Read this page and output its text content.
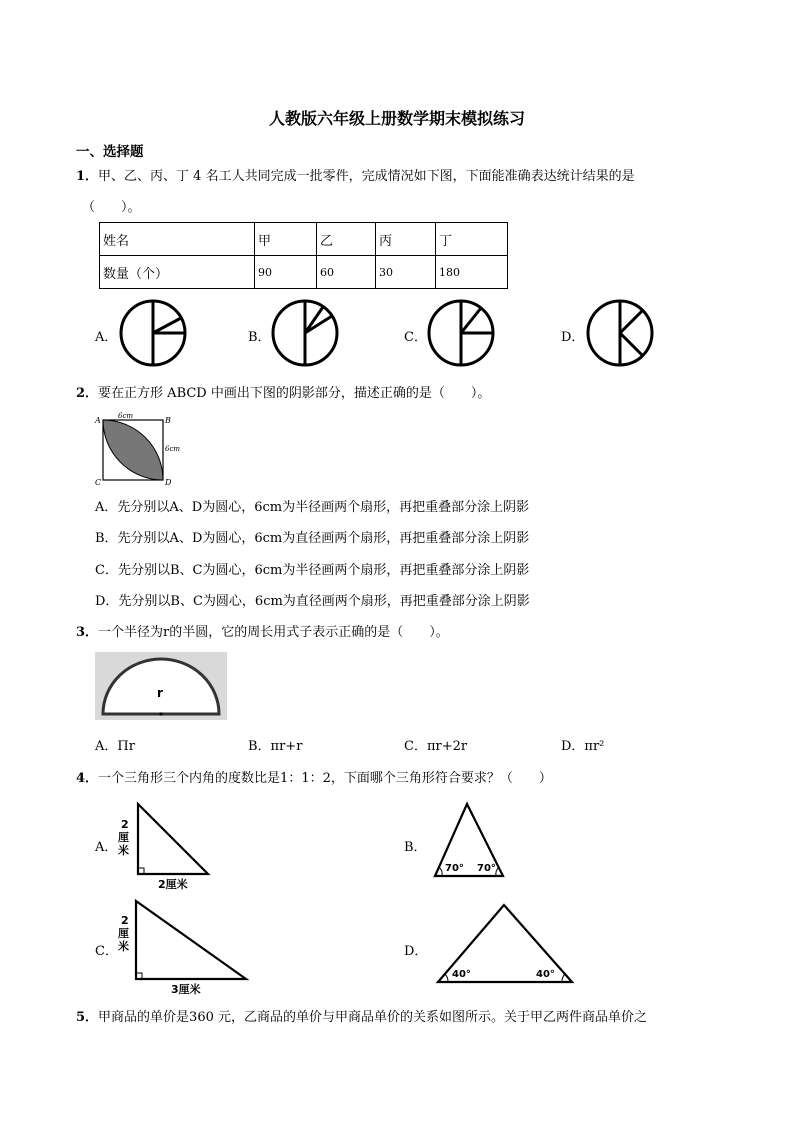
人教版六年级上册数学期末模拟练习
一、选择题
1．甲、乙、丙、丁 4 名工人共同完成一批零件，完成情况如下图，下面能准确表达统计结果的是
（　　）。
姓名	甲	乙	丙	丁
数量（个）	90	60	30	180
A．	B．	C．	D．
2．要在正方形 ABCD 中画出下图的阴影部分，描述正确的是（　　）。
A	B
C	D
6cm
6cm
A．先分别以A、D为圆心，6cm为半径画两个扇形，再把重叠部分涂上阴影
B．先分别以A、D为圆心，6cm为直径画两个扇形，再把重叠部分涂上阴影
C．先分别以B、C为圆心，6cm为半径画两个扇形，再把重叠部分涂上阴影
D．先分别以B、C为圆心，6cm为直径画两个扇形，再把重叠部分涂上阴影
3．一个半径为r的半圆，它的周长用式子表示正确的是（　　）。
r
A．Πr	B．πr+r	C．πr+2r	D．πr²
4．一个三角形三个内角的度数比是1：1：2，下面哪个三角形符合要求？（　　）
A．
2 厘米
2厘米
B．
70° 70°
C．
2 厘米
3厘米
D．
40°	40°
5．甲商品的单价是360 元，乙商品的单价与甲商品单价的关系如图所示。关于甲乙两件商品单价之
